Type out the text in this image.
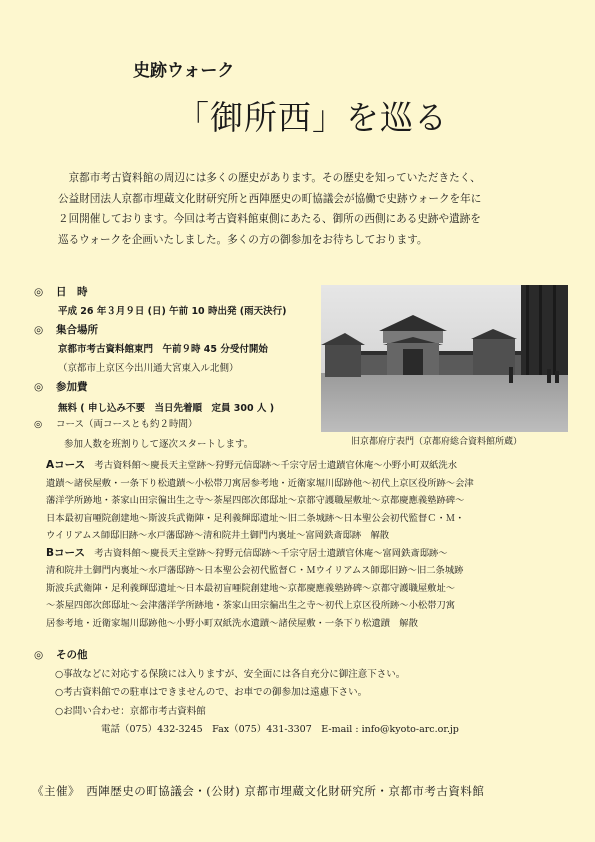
史跡ウォーク
「御所西」を巡る

京都市考古資料館の周辺には多くの歴史があります。その歴史を知っていただきたく、

公益財団法人京都市埋蔵文化財研究所と西陣歴史の町協議会が協働で史跡ウォークを年に

２回開催しております。今回は考古資料館東側にあたる、御所の西側にある史跡や遺跡を

巡るウォークを企画いたしました。多くの方の御参加をお待ちしております。

◎ 日　時
平成 26 年３月９日 (日) 午前 10 時出発 (雨天決行)
◎ 集合場所
京都市考古資料館東門　午前９時 45 分受付開始
（京都市上京区今出川通大宮東入ル北側）
◎ 参加費
無料 ( 申し込み不要　当日先着順　定員 300 人 )
◎ コース（両コースとも約２時間）
参加人数を班割りして逐次スタートします。

Aコース　 考古資料館～慶長天主堂跡～狩野元信邸跡～千宗守居士遺蹟官休庵～小野小町双紙洗水

遺蹟～諸侯屋敷・一条下り松遺蹟～小松帯刀寓居参考地・近衛家堀川邸跡他～初代上京区役所跡～会津

藩洋学所跡地・茶家山田宗徧出生之寺～茶屋四郎次郎邸址～京都守護職屋敷址～京都慶應義塾跡碑～

日本最初盲唖院創建地～斯波兵武衛陣・足利義輝邸遺址～旧二条城跡～日本聖公会初代監督Ｃ・Ｍ・

ウイリアムス師邸旧跡～水戸藩邸跡～清和院井土御門内裏址～富岡鉄斎邸跡　解散

Bコース　 考古資料館～慶長天主堂跡～狩野元信邸跡～千宗守居士遺蹟官休庵～富岡鉄斎邸跡～

清和院井土御門内裏址～水戸藩邸跡～日本聖公会初代監督Ｃ・Ｍウイリアムス師邸旧跡～旧二条城跡

斯波兵武衛陣・足利義輝邸遺址～日本最初盲唖院創建地～京都慶應義塾跡碑～京都守護職屋敷址～

～茶屋四郎次郎邸址～会津藩洋学所跡地・茶家山田宗徧出生之寺～初代上京区役所跡～小松帯刀寓

居参考地・近衛家堀川邸跡他～小野小町双紙洗水遺蹟～諸侯屋敷・一条下り松遺蹟　解散

◎ その他

○事故などに対応する保険には入りますが、安全面には各自充分に御注意下さい。

○考古資料館での駐車はできませんので、お車での御参加は遠慮下さい。

○お問い合わせ：京都市考古資料館

電話（075）432-3245　Fax（075）431-3307　E-mail : info@kyoto-arc.or.jp

旧京都府庁表門（京都府総合資料館所蔵）
《主催》　西陣歴史の町協議会・(公財) 京都市埋蔵文化財研究所・京都市考古資料館
